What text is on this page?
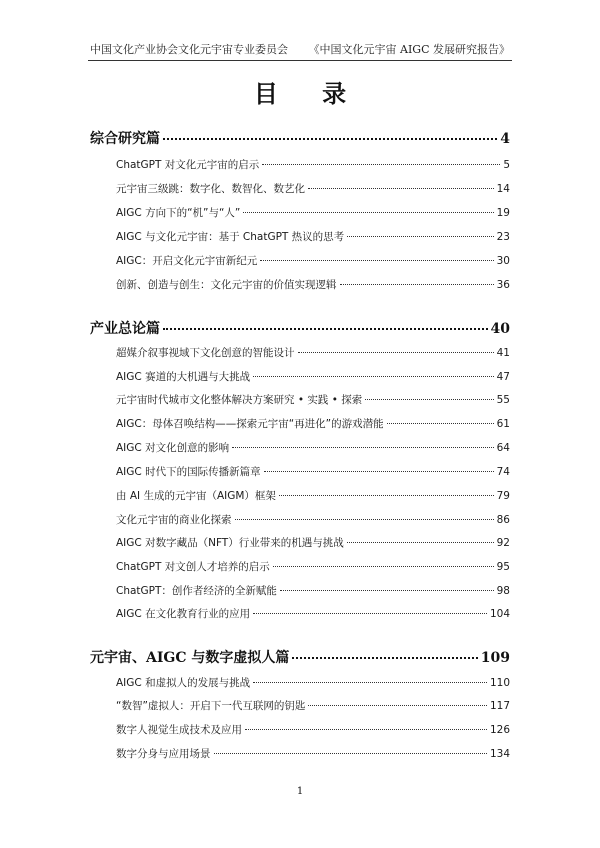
中国文化产业协会文化元宇宙专业委员会 《中国文化元宇宙 AIGC 发展研究报告》
目 录
综合研究篇	4
ChatGPT 对文化元宇宙的启示	5
元宇宙三级跳：数字化、数智化、数艺化	14
AIGC 方向下的“机”与“人”	19
AIGC 与文化元宇宙：基于 ChatGPT 热议的思考	23
AIGC：开启文化元宇宙新纪元	30
创新、创造与创生：文化元宇宙的价值实现逻辑	36
产业总论篇	40
超媒介叙事视域下文化创意的智能设计	41
AIGC 赛道的大机遇与大挑战	47
元宇宙时代城市文化整体解决方案研究 • 实践 • 探索	55
AIGC：母体召唤结构——探索元宇宙“再进化”的游戏潜能	61
AIGC 对文化创意的影响	64
AIGC 时代下的国际传播新篇章	74
由 AI 生成的元宇宙（AIGM）框架	79
文化元宇宙的商业化探索	86
AIGC 对数字藏品（NFT）行业带来的机遇与挑战	92
ChatGPT 对文创人才培养的启示	95
ChatGPT：创作者经济的全新赋能	98
AIGC 在文化教育行业的应用	104
元宇宙、AIGC 与数字虚拟人篇	109
AIGC 和虚拟人的发展与挑战	110
“数智”虚拟人：开启下一代互联网的钥匙	117
数字人视觉生成技术及应用	126
数字分身与应用场景	134
1
